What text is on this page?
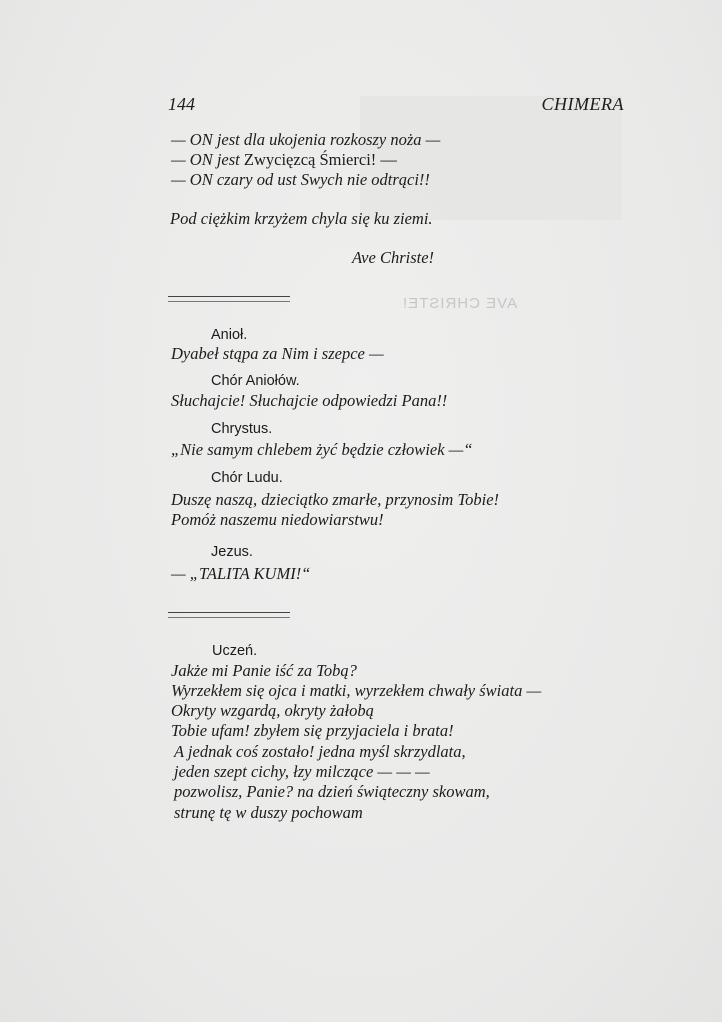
AVE CHRISTE!
144	CHIMERA
— ON jest dla ukojenia rozkoszy noża —
— ON jest Zwycięzcą Śmierci! —
— ON czary od ust Swych nie odtrąci!!
Pod ciężkim krzyżem chyla się ku ziemi.
Ave Christe!
Anioł.
Dyabeł stąpa za Nim i szepce —
Chór Aniołów.
Słuchajcie! Słuchajcie odpowiedzi Pana!!
Chrystus.
„Nie samym chlebem żyć będzie człowiek —“
Chór Ludu.
Duszę naszą, dzieciątko zmarłe, przynosim Tobie!
Pomóż naszemu niedowiarstwu!
Jezus.
— „TALITA KUMI!“
Uczeń.
Jakże mi Panie iść za Tobą?
Wyrzekłem się ojca i matki, wyrzekłem chwały świata —
Okryty wzgardą, okryty żałobą
Tobie ufam! zbyłem się przyjaciela i brata!
A jednak coś zostało! jedna myśl skrzydlata,
jeden szept cichy, łzy milczące — — —
pozwolisz, Panie? na dzień świąteczny skowam,
strunę tę w duszy pochowam
